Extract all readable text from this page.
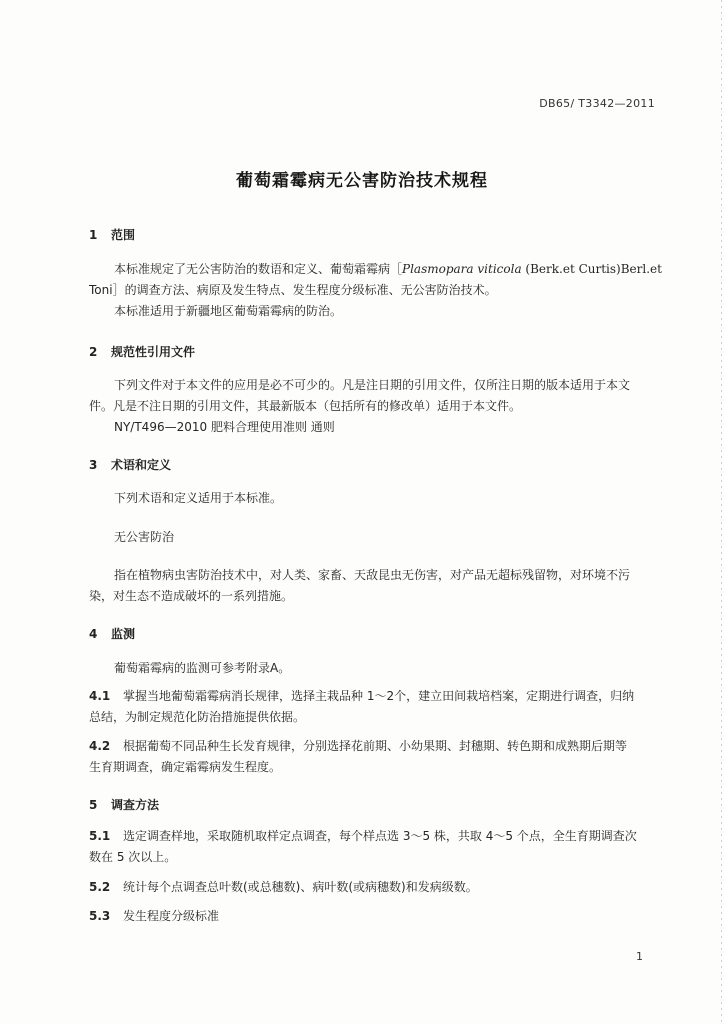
DB65/ T3342—2011
葡萄霜霉病无公害防治技术规程
1 范围
本标准规定了无公害防治的数语和定义、葡萄霜霉病［Plasmopara viticola (Berk.et Curtis)Berl.et
Toni］的调查方法、病原及发生特点、发生程度分级标准、无公害防治技术。
本标准适用于新疆地区葡萄霜霉病的防治。
2 规范性引用文件
下列文件对于本文件的应用是必不可少的。凡是注日期的引用文件，仅所注日期的版本适用于本文
件。凡是不注日期的引用文件，其最新版本（包括所有的修改单）适用于本文件。
NY/T496—2010 肥料合理使用准则 通则
3 术语和定义
下列术语和定义适用于本标准。
无公害防治
指在植物病虫害防治技术中，对人类、家畜、天敌昆虫无伤害，对产品无超标残留物，对环境不污
染，对生态不造成破坏的一系列措施。
4 监测
葡萄霜霉病的监测可参考附录A。
4.1 掌握当地葡萄霜霉病消长规律，选择主栽品种 1～2个，建立田间栽培档案，定期进行调查，归纳
总结，为制定规范化防治措施提供依据。
4.2 根据葡萄不同品种生长发育规律，分别选择花前期、小幼果期、封穗期、转色期和成熟期后期等
生育期调查，确定霜霉病发生程度。
5 调查方法
5.1 选定调查样地，采取随机取样定点调查，每个样点选 3～5 株，共取 4～5 个点，全生育期调查次
数在 5 次以上。
5.2 统计每个点调查总叶数(或总穗数)、病叶数(或病穗数)和发病级数。
5.3 发生程度分级标准
1
